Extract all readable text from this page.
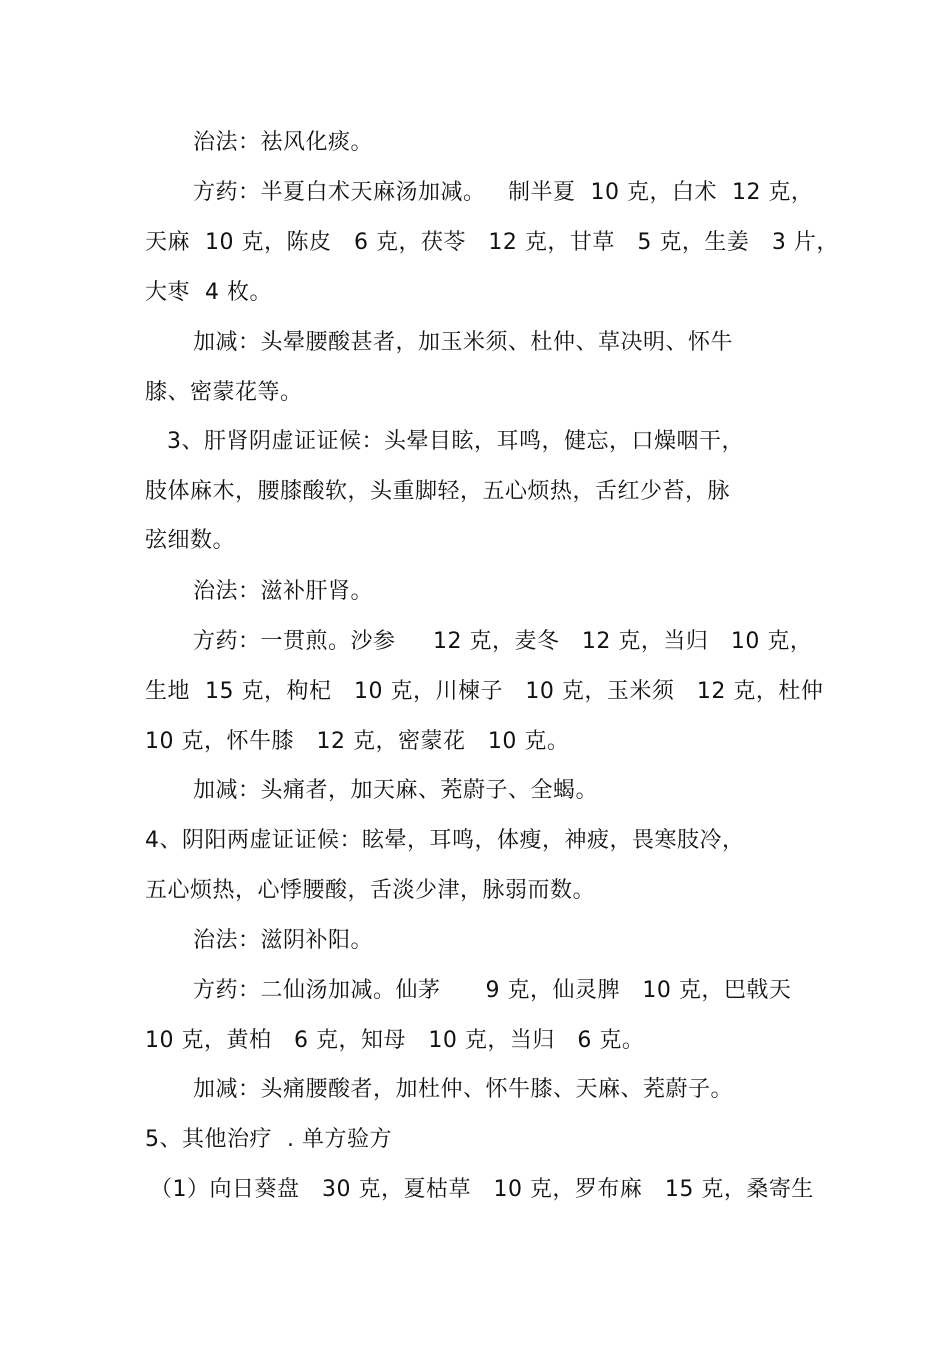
治法：祛风化痰。
方药：半夏白术天麻汤加减。   制半夏  10 克，白术  12 克，
天麻  10 克，陈皮   6 克，茯苓   12 克，甘草   5 克，生姜   3 片，
大枣  4 枚。
加减：头晕腰酸甚者，加玉米须、杜仲、草决明、怀牛
膝、密蒙花等。
3、肝肾阴虚证证候：头晕目眩，耳鸣，健忘，口燥咽干，
肢体麻木，腰膝酸软，头重脚轻，五心烦热，舌红少苔，脉
弦细数。
治法：滋补肝肾。
方药：一贯煎。沙参     12 克，麦冬   12 克，当归   10 克，
生地  15 克，枸杞   10 克，川楝子   10 克，玉米须   12 克，杜仲
10 克，怀牛膝   12 克，密蒙花   10 克。
加减：头痛者，加天麻、茺蔚子、全蝎。
4、阴阳两虚证证候：眩晕，耳鸣，体瘦，神疲，畏寒肢冷，
五心烦热，心悸腰酸，舌淡少津，脉弱而数。
治法：滋阴补阳。
方药：二仙汤加减。仙茅      9 克，仙灵脾   10 克，巴戟天
10 克，黄柏   6 克，知母   10 克，当归   6 克。
加减：头痛腰酸者，加杜仲、怀牛膝、天麻、茺蔚子。
5、其他治疗  . 单方验方
（1）向日葵盘   30 克，夏枯草   10 克，罗布麻   15 克，桑寄生
